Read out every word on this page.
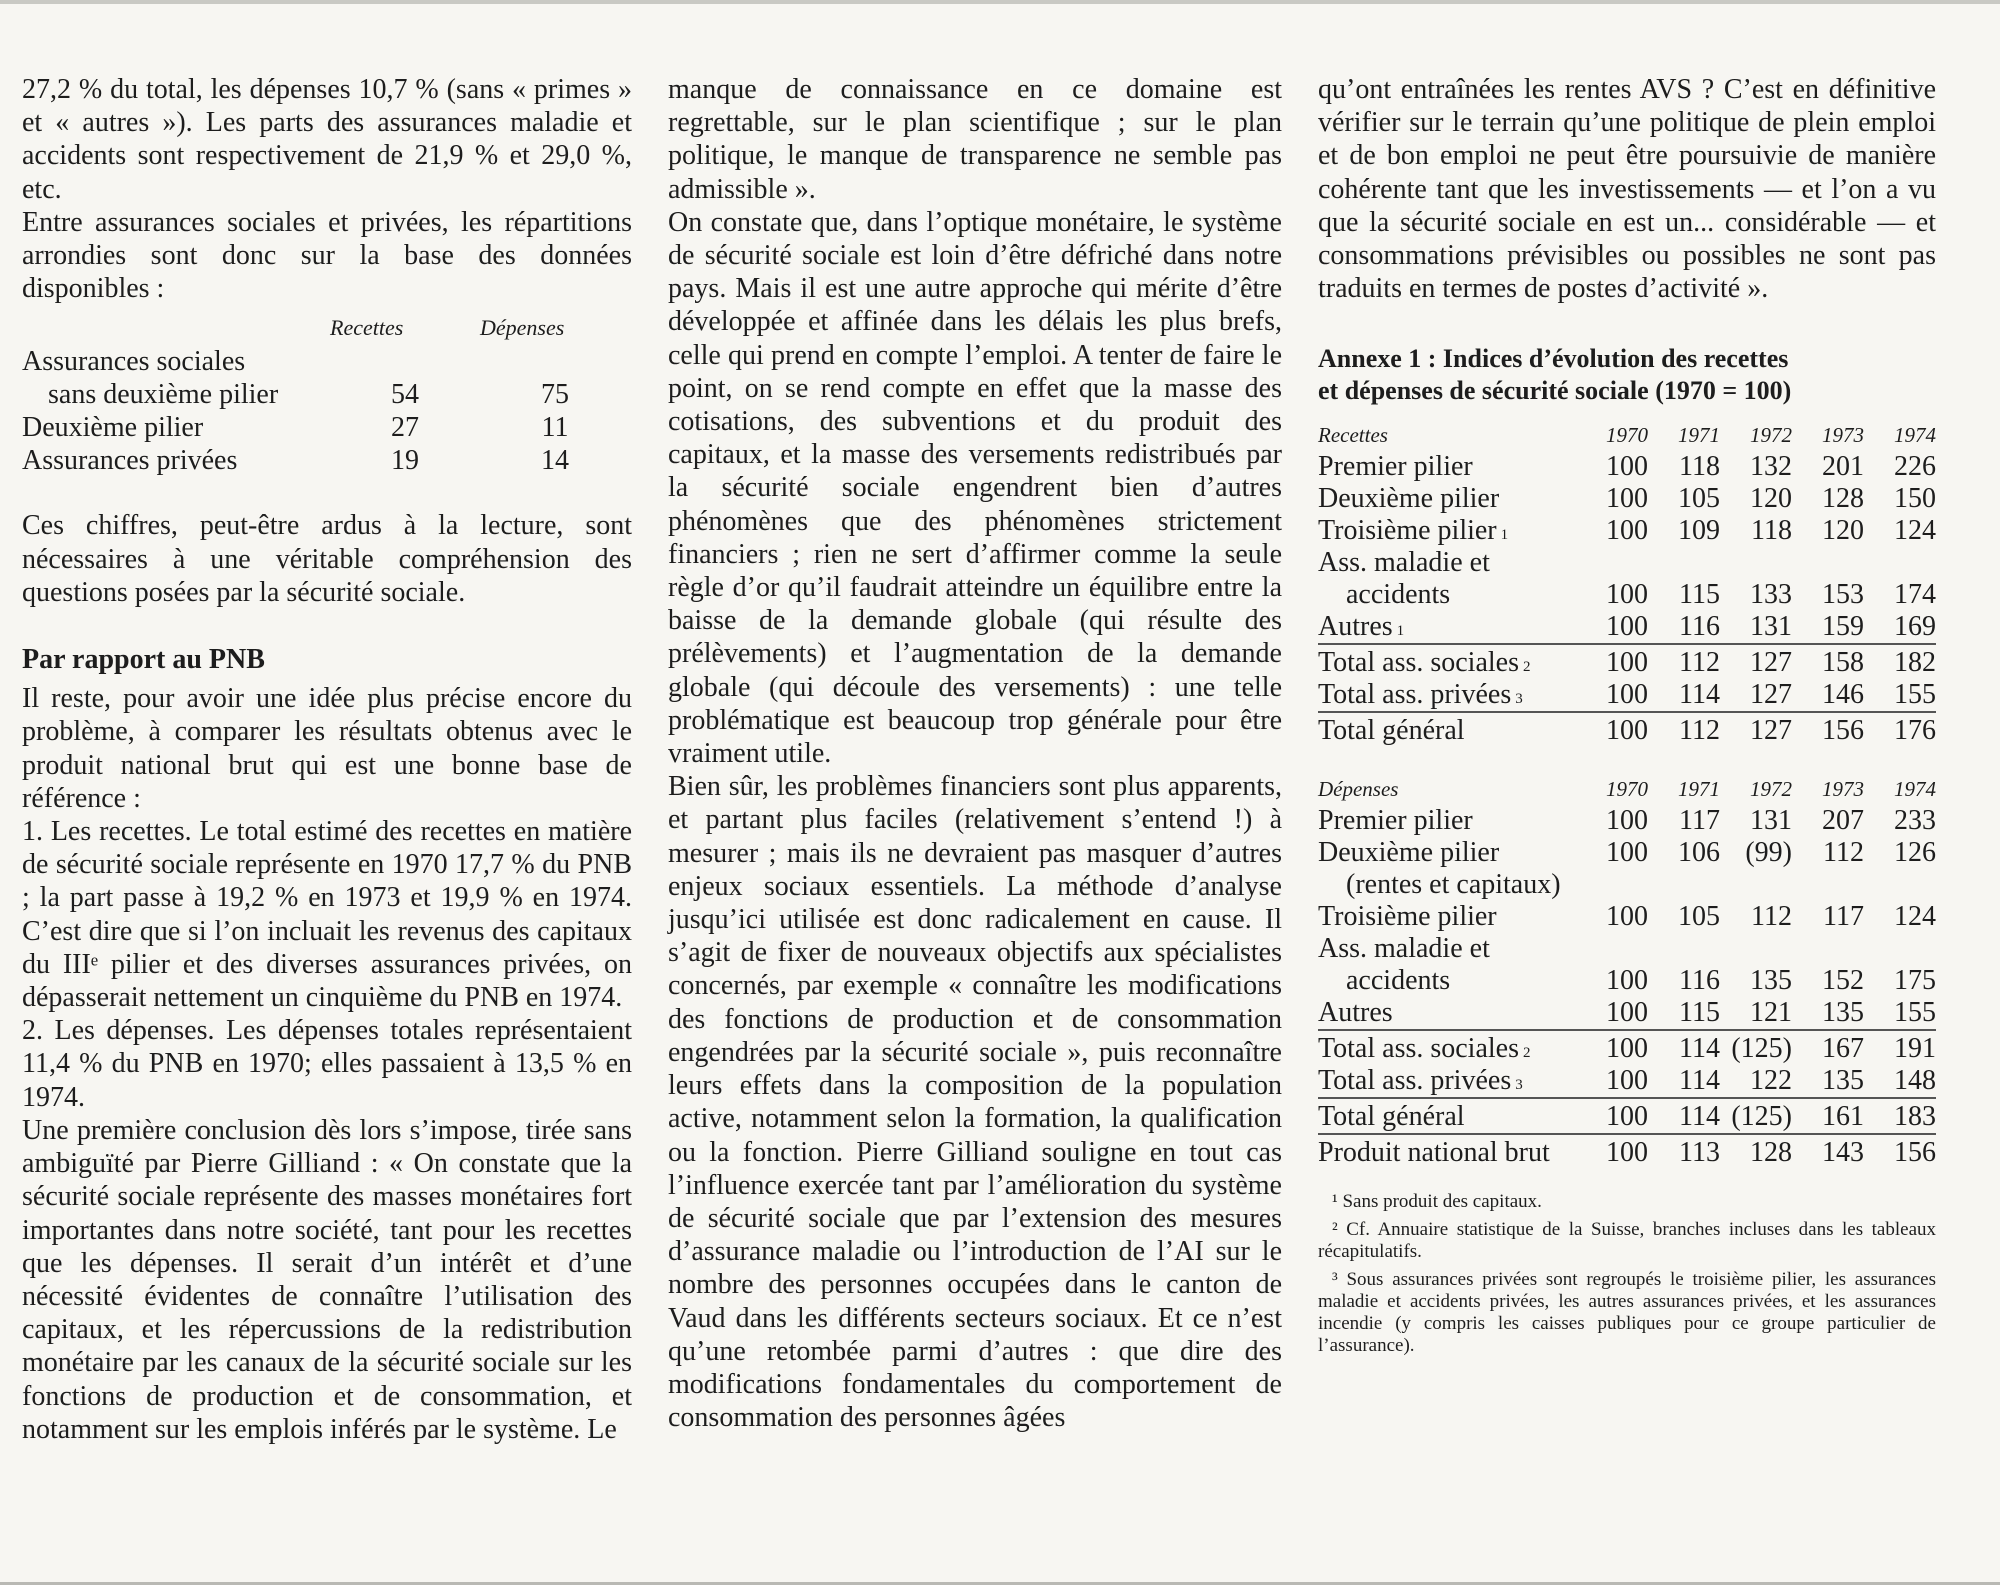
27,2 % du total, les dépenses 10,7 % (sans « primes » et « autres »). Les parts des assurances maladie et accidents sont respectivement de 21,9 % et 29,0 %, etc.

Entre assurances sociales et privées, les répartitions arrondies sont donc sur la base des données disponibles :

	Recettes	Dépenses
Assurances sociales		
sans deuxième pilier	54	75
Deuxième pilier	27	11
Assurances privées	19	14

Ces chiffres, peut-être ardus à la lecture, sont nécessaires à une véritable compréhension des questions posées par la sécurité sociale.

Par rapport au PNB

Il reste, pour avoir une idée plus précise encore du problème, à comparer les résultats obtenus avec le produit national brut qui est une bonne base de référence :

1. Les recettes. Le total estimé des recettes en matière de sécurité sociale représente en 1970 17,7 % du PNB ; la part passe à 19,2 % en 1973 et 19,9 % en 1974. C’est dire que si l’on incluait les revenus des capitaux du IIIᵉ pilier et des diverses assurances privées, on dépasserait nettement un cinquième du PNB en 1974.

2. Les dépenses. Les dépenses totales représentaient 11,4 % du PNB en 1970; elles passaient à 13,5 % en 1974.

Une première conclusion dès lors s’impose, tirée sans ambiguïté par Pierre Gilliand : « On constate que la sécurité sociale représente des masses monétaires fort importantes dans notre société, tant pour les recettes que les dépenses. Il serait d’un intérêt et d’une nécessité évidentes de connaître l’utilisation des capitaux, et les répercussions de la redistribution monétaire par les canaux de la sécurité sociale sur les fonctions de production et de consommation, et notamment sur les emplois inférés par le système. Le

manque de connaissance en ce domaine est regrettable, sur le plan scientifique ; sur le plan politique, le manque de transparence ne semble pas admissible ».

On constate que, dans l’optique monétaire, le système de sécurité sociale est loin d’être défriché dans notre pays. Mais il est une autre approche qui mérite d’être développée et affinée dans les délais les plus brefs, celle qui prend en compte l’emploi. A tenter de faire le point, on se rend compte en effet que la masse des cotisations, des subventions et du produit des capitaux, et la masse des versements redistribués par la sécurité sociale engendrent bien d’autres phénomènes que des phénomènes strictement financiers ; rien ne sert d’affirmer comme la seule règle d’or qu’il faudrait atteindre un équilibre entre la baisse de la demande globale (qui résulte des prélèvements) et l’augmentation de la demande globale (qui découle des versements) : une telle problématique est beaucoup trop générale pour être vraiment utile.

Bien sûr, les problèmes financiers sont plus apparents, et partant plus faciles (relativement s’entend !) à mesurer ; mais ils ne devraient pas masquer d’autres enjeux sociaux essentiels. La méthode d’analyse jusqu’ici utilisée est donc radicalement en cause. Il s’agit de fixer de nouveaux objectifs aux spécialistes concernés, par exemple « connaître les modifications des fonctions de production et de consommation engendrées par la sécurité sociale », puis reconnaître leurs effets dans la composition de la population active, notamment selon la formation, la qualification ou la fonction. Pierre Gilliand souligne en tout cas l’influence exercée tant par l’amélioration du système de sécurité sociale que par l’extension des mesures d’assurance maladie ou l’introduction de l’AI sur le nombre des personnes occupées dans le canton de Vaud dans les différents secteurs sociaux. Et ce n’est qu’une retombée parmi d’autres : que dire des modifications fondamentales du comportement de consommation des personnes âgées

qu’ont entraînées les rentes AVS ? C’est en définitive vérifier sur le terrain qu’une politique de plein emploi et de bon emploi ne peut être poursuivie de manière cohérente tant que les investissements — et l’on a vu que la sécurité sociale en est un... considérable — et consommations prévisibles ou possibles ne sont pas traduits en termes de postes d’activité ».

Annexe 1 : Indices d’évolution des recettes
et dépenses de sécurité sociale (1970 = 100)

Recettes	1970	1971	1972	1973	1974
Premier pilier	100	118	132	201	226
Deuxième pilier	100	105	120	128	150
Troisième pilier $^1$	100	109	118	120	124
Ass. maladie et					
accidents	100	115	133	153	174
Autres $^1$	100	116	131	159	169
Total ass. sociales $^2$	100	112	127	158	182
Total ass. privées $^3$	100	114	127	146	155
Total général	100	112	127	156	176
Dépenses	1970	1971	1972	1973	1974
Premier pilier	100	117	131	207	233
Deuxième pilier	100	106	(99)	112	126
(rentes et capitaux)					
Troisième pilier	100	105	112	117	124
Ass. maladie et					
accidents	100	116	135	152	175
Autres	100	115	121	135	155
Total ass. sociales $^2$	100	114	(125)	167	191
Total ass. privées $^3$	100	114	122	135	148
Total général	100	114	(125)	161	183
Produit national brut	100	113	128	143	156

¹ Sans produit des capitaux.

² Cf. Annuaire statistique de la Suisse, branches incluses dans les tableaux récapitulatifs.

³ Sous assurances privées sont regroupés le troisième pilier, les assurances maladie et accidents privées, les autres assurances privées, et les assurances incendie (y compris les caisses publiques pour ce groupe particulier de l’assurance).
